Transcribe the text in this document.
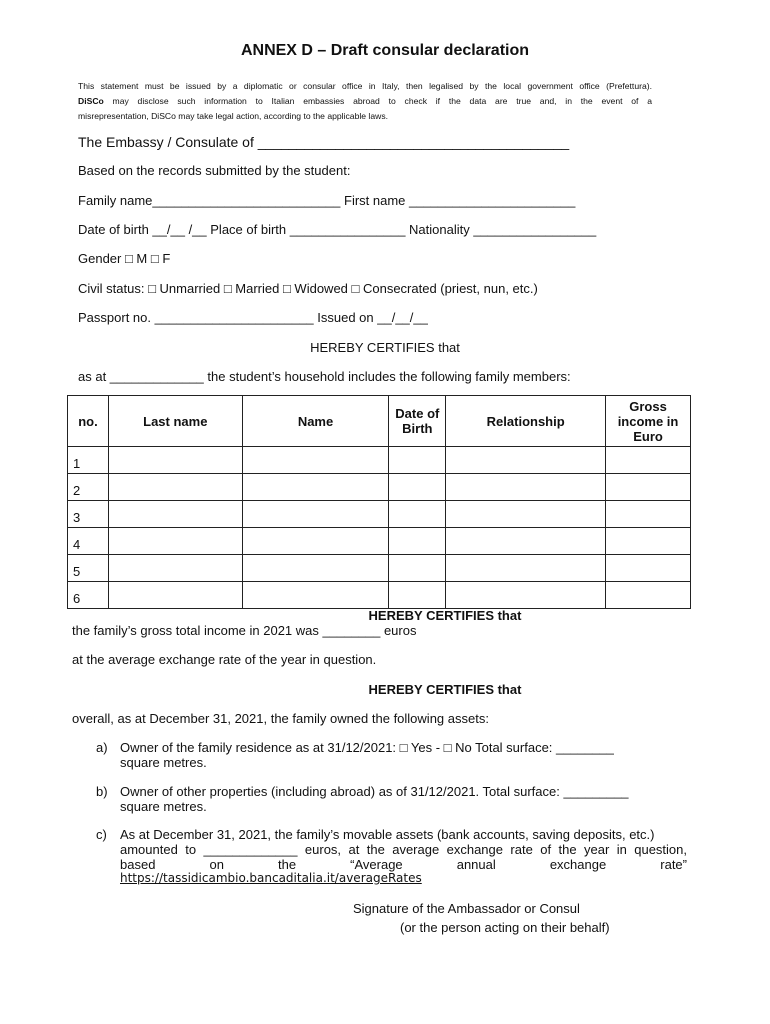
ANNEX D – Draft consular declaration
This statement must be issued by a diplomatic or consular office in Italy, then legalised by the local government office (Prefettura).
DiSCo may disclose such information to Italian embassies abroad to check if the data are true and, in the event of a
misrepresentation, DiSCo may take legal action, according to the applicable laws.
The Embassy / Consulate of ________________________________________
Based on the records submitted by the student:
Family name__________________________ First name _______________________
Date of birth __/__ /__ Place of birth ________________ Nationality _________________
Gender □ M □ F
Civil status: □ Unmarried □ Married □ Widowed □ Consecrated (priest, nun, etc.)
Passport no. ______________________ Issued on __/__/__
HEREBY CERTIFIES that
as at _____________ the student’s household includes the following family members:
no.	Last name	Name	Date of Birth	Relationship	Gross income in Euro
1					
2					
3					
4					
5					
6					
HEREBY CERTIFIES that
the family’s gross total income in 2021 was ________ euros
at the average exchange rate of the year in question.
HEREBY CERTIFIES that
overall, as at December 31, 2021, the family owned the following assets:
a) Owner of the family residence as at 31/12/2021: □ Yes - □ No Total surface: ________
square metres.
b) Owner of other properties (including abroad) as of 31/12/2021. Total surface: _________
square metres.
c) As at December 31, 2021, the family’s movable assets (bank accounts, saving deposits, etc.)
amounted to _____________ euros, at the average exchange rate of the year in question,
based on the “Average annual exchange rate”
https://tassidicambio.bancaditalia.it/averageRates
Signature of the Ambassador or Consul
(or the person acting on their behalf)
